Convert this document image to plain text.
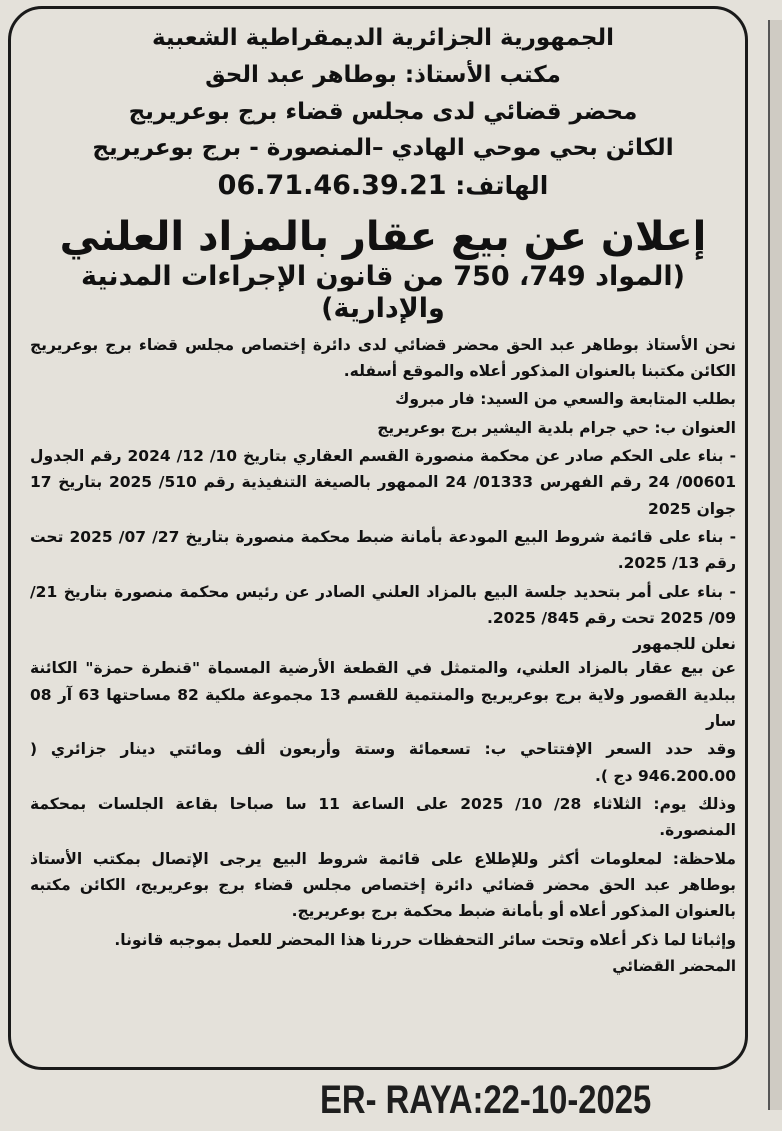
الجمهورية الجزائرية الديمقراطية الشعبية
مكتب الأستاذ: بوطاهر عبد الحق
محضر قضائي لدى مجلس قضاء برج بوعريريج
الكائن بحي موحي الهادي –المنصورة - برج بوعريريج
الهاتف: 06.71.46.39.21
إعلان عن بيع عقار بالمزاد العلني
(المواد 749، 750 من قانون الإجراءات المدنية والإدارية)

نحن الأستاذ بوطاهر عبد الحق محضر قضائي لدى دائرة إختصاص مجلس قضاء برج بوعريريج الكائن مكتبنا بالعنوان المذكور أعلاه والموقع أسفله.

بطلب المتابعة والسعي من السيد: فار مبروك

العنوان ب: حي جرام بلدية اليشير برج بوعريريج

- بناء على الحكم صادر عن محكمة منصورة القسم العقاري بتاريخ 10/ 12/ 2024 رقم الجدول 00601/ 24 رقم الفهرس 01333/ 24 الممهور بالصيغة التنفيذية رقم 510/ 2025 بتاريخ 17 جوان 2025

- بناء على قائمة شروط البيع المودعة بأمانة ضبط محكمة منصورة بتاريخ 27/ 07/ 2025 تحت رقم 13/ 2025.

- بناء على أمر بتحديد جلسة البيع بالمزاد العلني الصادر عن رئيس محكمة منصورة بتاريخ 21/ 09/ 2025 تحت رقم 845/ 2025.

نعلن للجمهور

عن بيع عقار بالمزاد العلني، والمتمثل في القطعة الأرضية المسماة "قنطرة حمزة" الكائنة ببلدية القصور ولاية برج بوعريريج والمنتمية للقسم 13 مجموعة ملكية 82 مساحتها 63 آر 08 سار

وقد حدد السعر الإفتتاحي ب: تسعمائة وستة وأربعون ألف ومائتي دينار جزائري ( 946.200.00 دج ).

وذلك يوم: الثلاثاء 28/ 10/ 2025 على الساعة 11 سا صباحا بقاعة الجلسات بمحكمة المنصورة.

ملاحظة: لمعلومات أكثر وللإطلاع على قائمة شروط البيع يرجى الإتصال بمكتب الأستاذ بوطاهر عبد الحق محضر قضائي دائرة إختصاص مجلس قضاء برج بوعريريج، الكائن مكتبه بالعنوان المذكور أعلاه أو بأمانة ضبط محكمة برج بوعريريج.

وإثباتا لما ذكر أعلاه وتحت سائر التحفظات حررنا هذا المحضر للعمل بموجبه قانونا.

المحضر القضائي
ER- RAYA:22-10-2025
